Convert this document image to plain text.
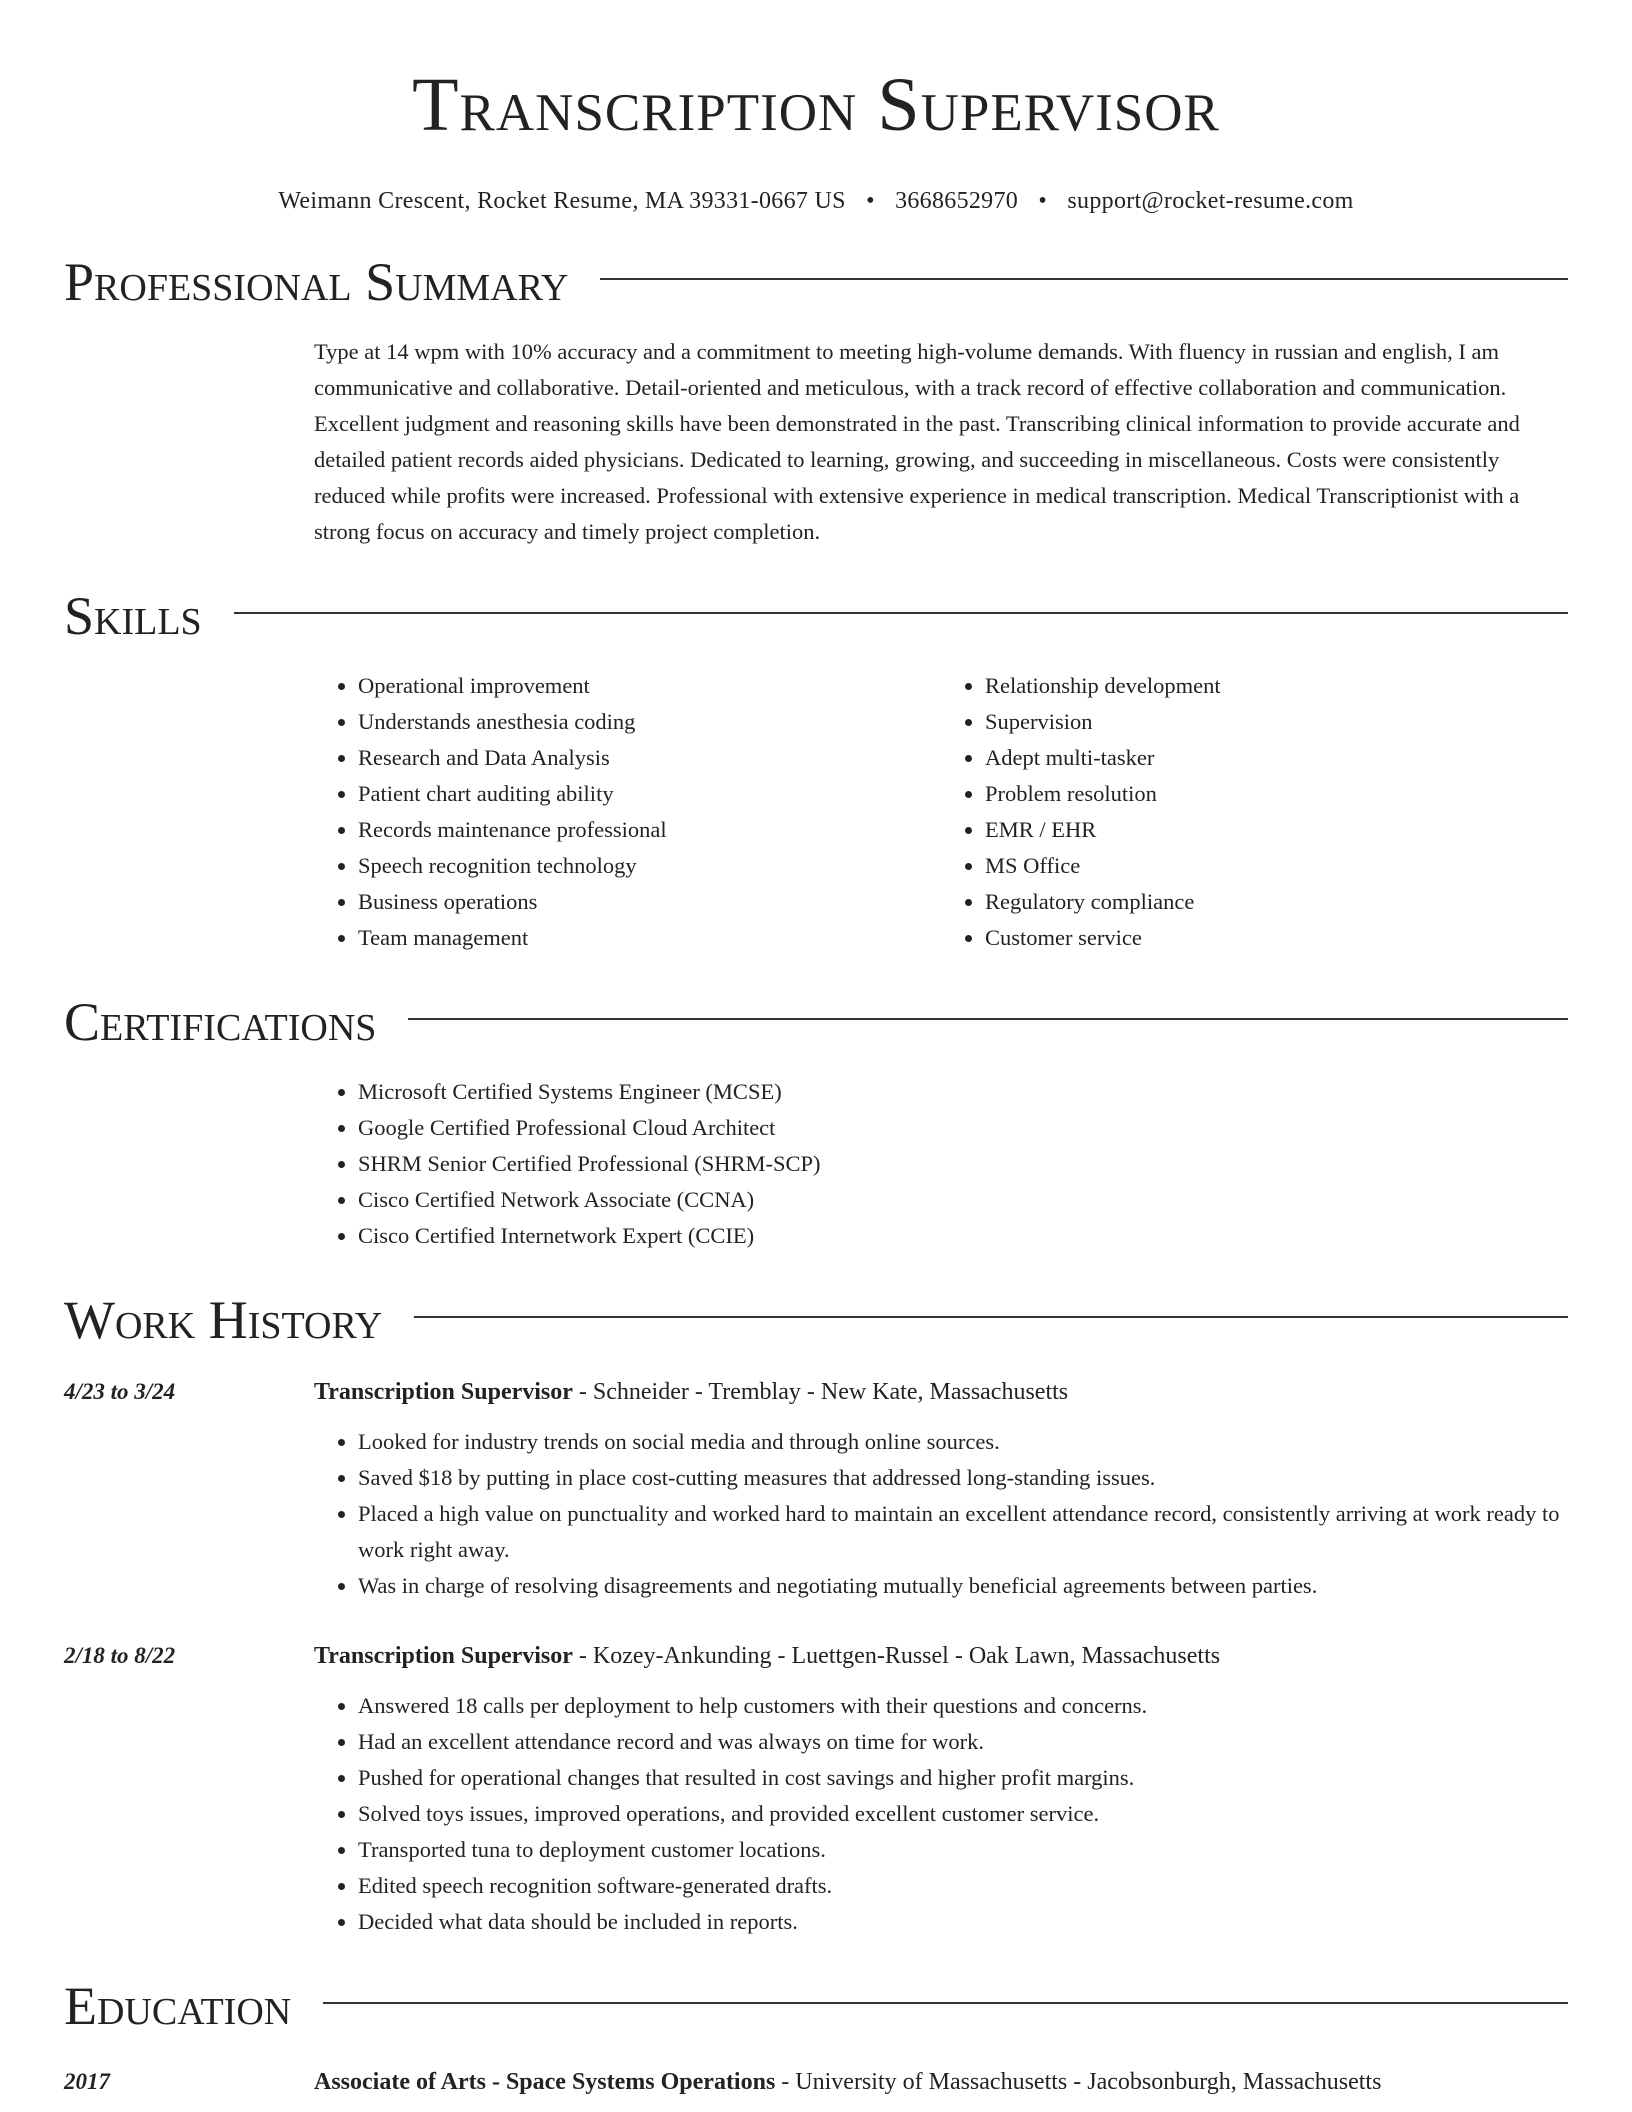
Transcription Supervisor
Weimann Crescent, Rocket Resume, MA 39331-0667 US • 3668652970 • support@rocket-resume.com
Professional Summary
Type at 14 wpm with 10% accuracy and a commitment to meeting high-volume demands. With fluency in russian and english, I am communicative and collaborative. Detail-oriented and meticulous, with a track record of effective collaboration and communication. Excellent judgment and reasoning skills have been demonstrated in the past. Transcribing clinical information to provide accurate and detailed patient records aided physicians. Dedicated to learning, growing, and succeeding in miscellaneous. Costs were consistently reduced while profits were increased. Professional with extensive experience in medical transcription. Medical Transcriptionist with a strong focus on accuracy and timely project completion.
Skills
• Operational improvement
• Understands anesthesia coding
• Research and Data Analysis
• Patient chart auditing ability
• Records maintenance professional
• Speech recognition technology
• Business operations
• Team management
• Relationship development
• Supervision
• Adept multi-tasker
• Problem resolution
• EMR / EHR
• MS Office
• Regulatory compliance
• Customer service
Certifications
• Microsoft Certified Systems Engineer (MCSE)
• Google Certified Professional Cloud Architect
• SHRM Senior Certified Professional (SHRM-SCP)
• Cisco Certified Network Associate (CCNA)
• Cisco Certified Internetwork Expert (CCIE)
Work History
4/23 to 3/24	Transcription Supervisor - Schneider - Tremblay - New Kate, Massachusetts
• Looked for industry trends on social media and through online sources.
• Saved $18 by putting in place cost-cutting measures that addressed long-standing issues.
• Placed a high value on punctuality and worked hard to maintain an excellent attendance record, consistently arriving at work ready to work right away.
• Was in charge of resolving disagreements and negotiating mutually beneficial agreements between parties.
2/18 to 8/22	Transcription Supervisor - Kozey-Ankunding - Luettgen-Russel - Oak Lawn, Massachusetts
• Answered 18 calls per deployment to help customers with their questions and concerns.
• Had an excellent attendance record and was always on time for work.
• Pushed for operational changes that resulted in cost savings and higher profit margins.
• Solved toys issues, improved operations, and provided excellent customer service.
• Transported tuna to deployment customer locations.
• Edited speech recognition software-generated drafts.
• Decided what data should be included in reports.
Education
2017	Associate of Arts - Space Systems Operations - University of Massachusetts - Jacobsonburgh, Massachusetts
